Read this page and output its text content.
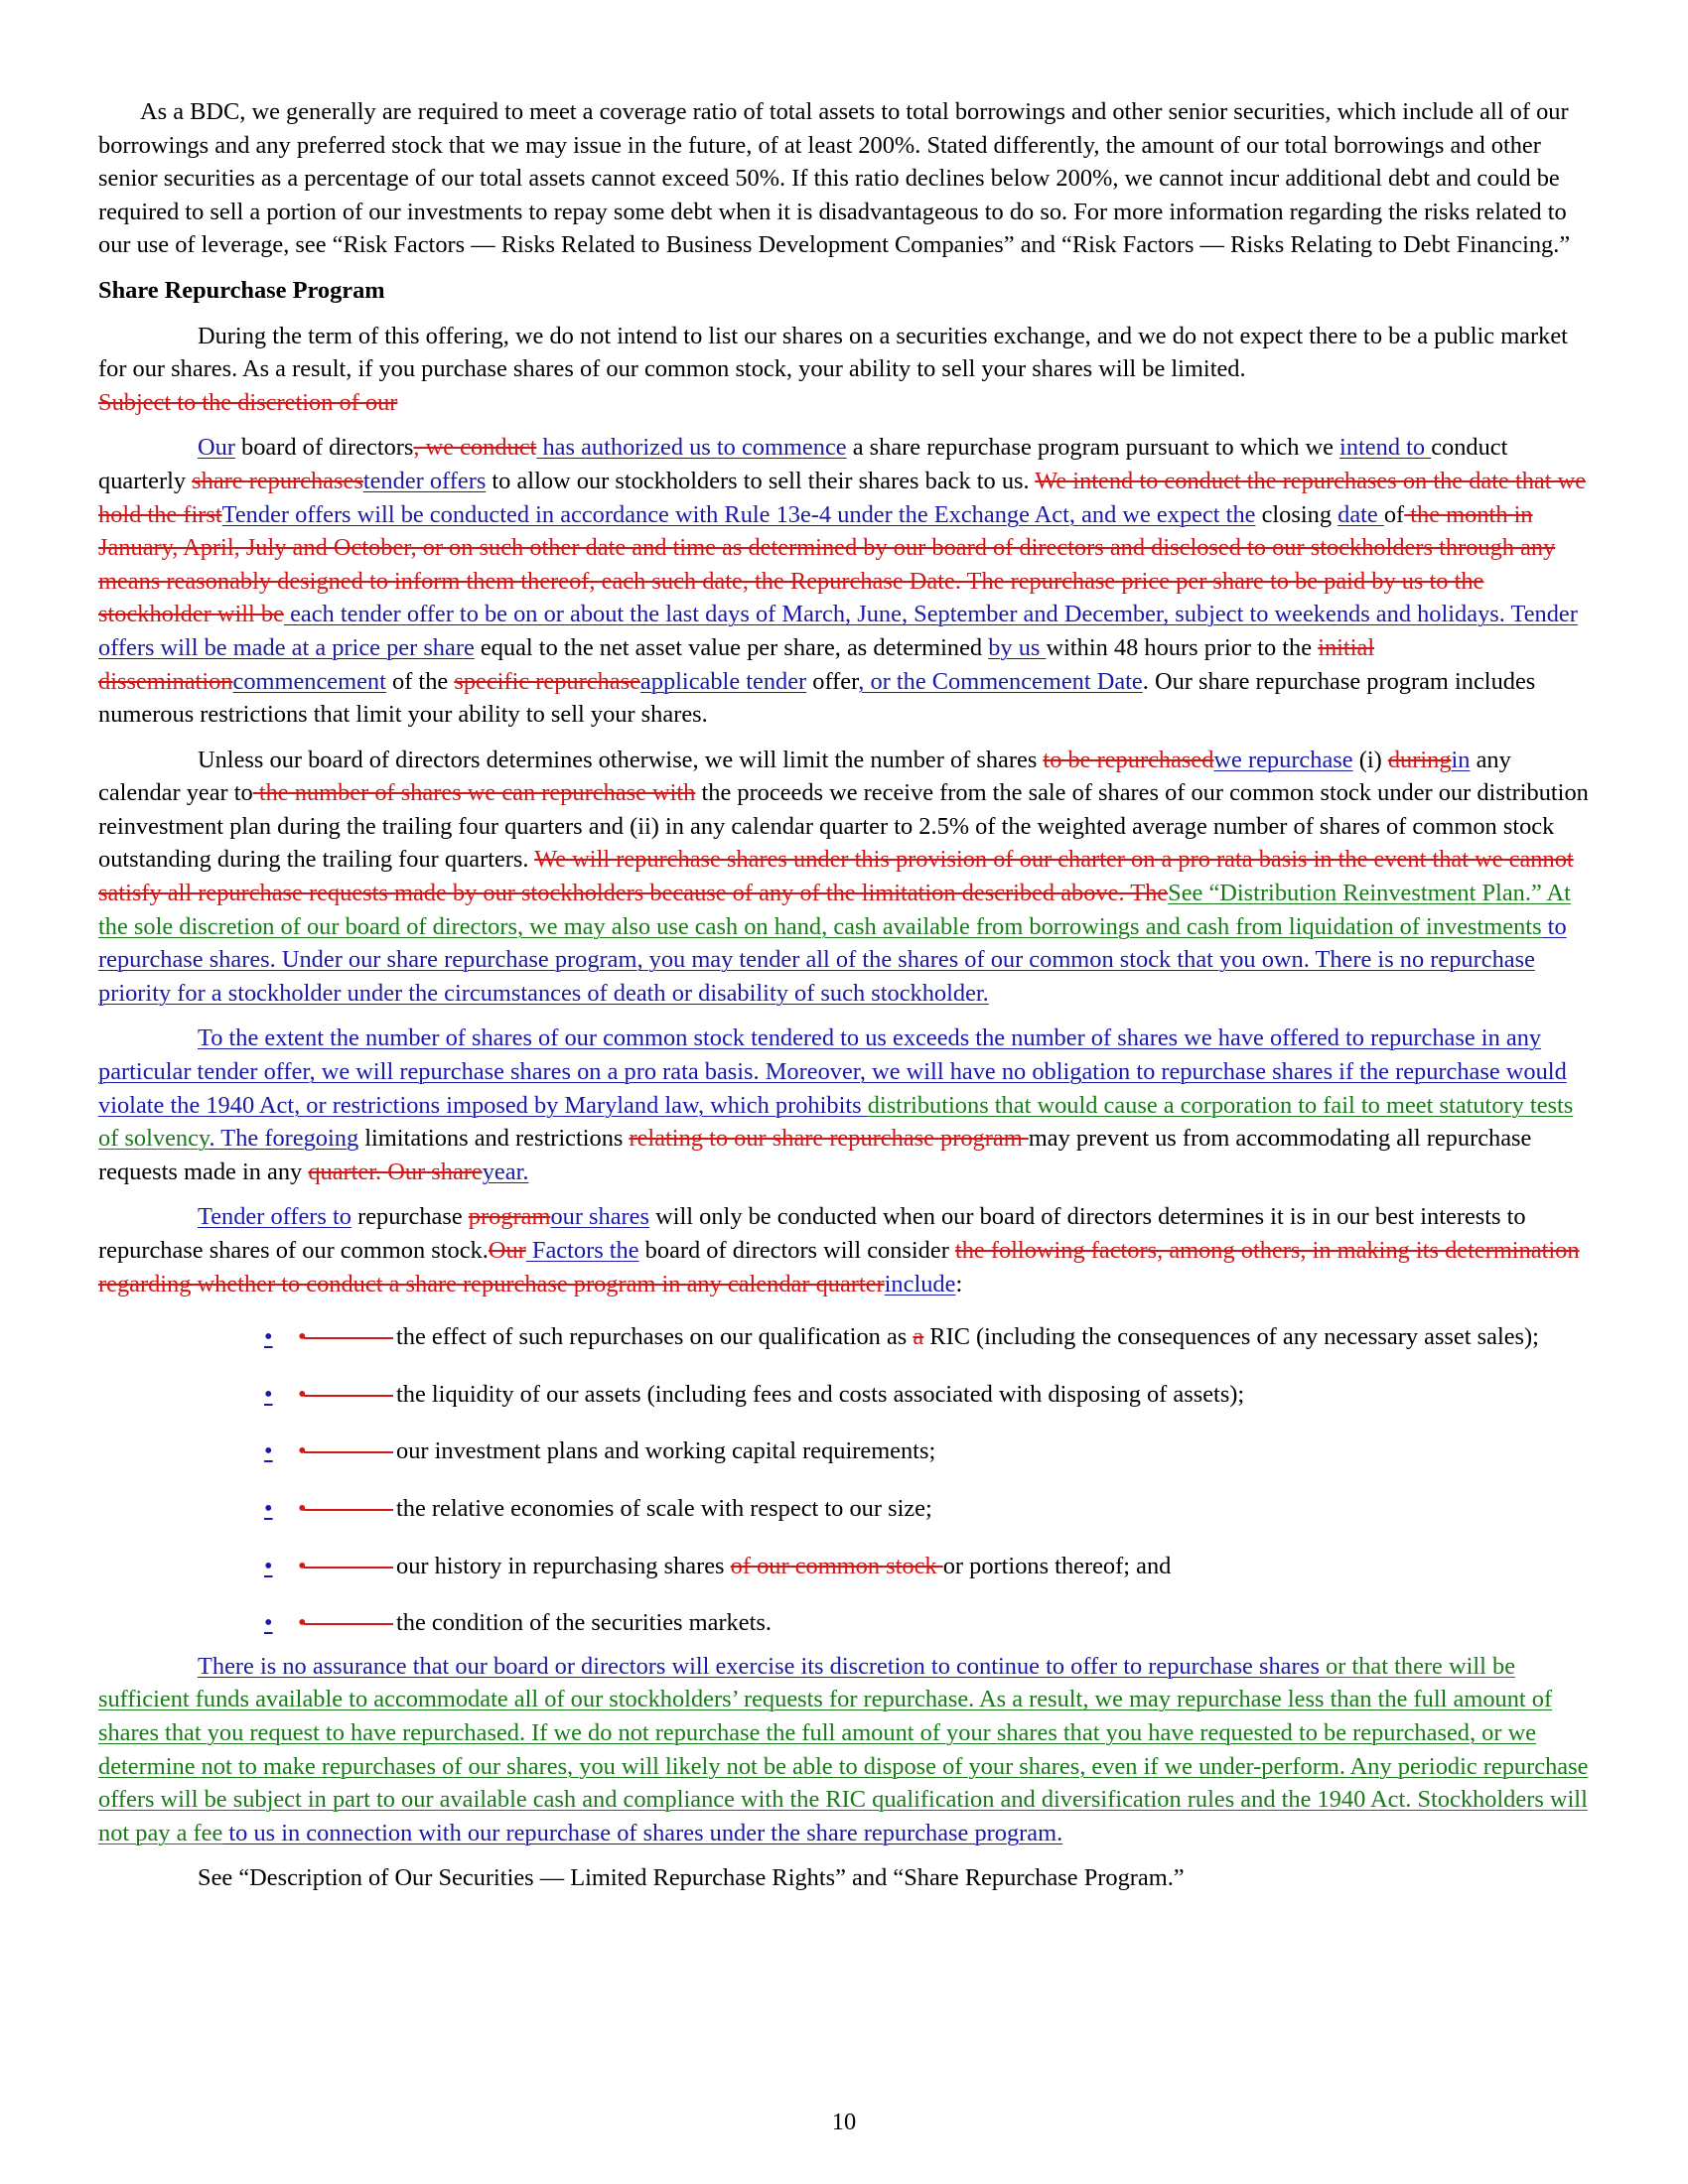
As a BDC, we generally are required to meet a coverage ratio of total assets to total borrowings and other senior securities, which include all of our borrowings and any preferred stock that we may issue in the future, of at least 200%. Stated differently, the amount of our total borrowings and other senior securities as a percentage of our total assets cannot exceed 50%. If this ratio declines below 200%, we cannot incur additional debt and could be required to sell a portion of our investments to repay some debt when it is disadvantageous to do so. For more information regarding the risks related to our use of leverage, see “Risk Factors — Risks Related to Business Development Companies” and “Risk Factors — Risks Relating to Debt Financing.”

Share Repurchase Program

During the term of this offering, we do not intend to list our shares on a securities exchange, and we do not expect there to be a public market for our shares. As a result, if you purchase shares of our common stock, your ability to sell your shares will be limited.
Subject to the discretion of our

Our board of directors, we conduct has authorized us to commence a share repurchase program pursuant to which we intend to conduct quarterly share repurchasestender offers to allow our stockholders to sell their shares back to us. We intend to conduct the repurchases on the date that we hold the firstTender offers will be conducted in accordance with Rule 13e-4 under the Exchange Act, and we expect the closing date of the month in January, April, July and October, or on such other date and time as determined by our board of directors and disclosed to our stockholders through any means reasonably designed to inform them thereof, each such date, the Repurchase Date. The repurchase price per share to be paid by us to the stockholder will be each tender offer to be on or about the last days of March, June, September and December, subject to weekends and holidays. Tender offers will be made at a price per share equal to the net asset value per share, as determined by us within 48 hours prior to the initial disseminationcommencement of the specific repurchaseapplicable tender offer, or the Commencement Date. Our share repurchase program includes numerous restrictions that limit your ability to sell your shares.

Unless our board of directors determines otherwise, we will limit the number of shares to be repurchasedwe repurchase (i) duringin any calendar year to the number of shares we can repurchase with the proceeds we receive from the sale of shares of our common stock under our distribution reinvestment plan during the trailing four quarters and (ii) in any calendar quarter to 2.5% of the weighted average number of shares of common stock outstanding during the trailing four quarters. We will repurchase shares under this provision of our charter on a pro rata basis in the event that we cannot satisfy all repurchase requests made by our stockholders because of any of the limitation described above. TheSee “Distribution Reinvestment Plan.” At the sole discretion of our board of directors, we may also use cash on hand, cash available from borrowings and cash from liquidation of investments to repurchase shares. Under our share repurchase program, you may tender all of the shares of our common stock that you own. There is no repurchase priority for a stockholder under the circumstances of death or disability of such stockholder.

To the extent the number of shares of our common stock tendered to us exceeds the number of shares we have offered to repurchase in any particular tender offer, we will repurchase shares on a pro rata basis. Moreover, we will have no obligation to repurchase shares if the repurchase would violate the 1940 Act, or restrictions imposed by Maryland law, which prohibits distributions that would cause a corporation to fail to meet statutory tests of solvency. The foregoing limitations and restrictions relating to our share repurchase program may prevent us from accommodating all repurchase requests made in any quarter. Our shareyear.

Tender offers to repurchase programour shares will only be conducted when our board of directors determines it is in our best interests to repurchase shares of our common stock.Our Factors the board of directors will consider the following factors, among others, in making its determination regarding whether to conduct a share repurchase program in any calendar quarterinclude:

• •	the effect of such repurchases on our qualification as a RIC (including the consequences of any necessary asset sales);
• •	the liquidity of our assets (including fees and costs associated with disposing of assets);
• •	our investment plans and working capital requirements;
• •	the relative economies of scale with respect to our size;
• •	our history in repurchasing shares of our common stock or portions thereof; and
• •	the condition of the securities markets.

There is no assurance that our board or directors will exercise its discretion to continue to offer to repurchase shares or that there will be sufficient funds available to accommodate all of our stockholders’ requests for repurchase. As a result, we may repurchase less than the full amount of shares that you request to have repurchased. If we do not repurchase the full amount of your shares that you have requested to be repurchased, or we determine not to make repurchases of our shares, you will likely not be able to dispose of your shares, even if we under-perform. Any periodic repurchase offers will be subject in part to our available cash and compliance with the RIC qualification and diversification rules and the 1940 Act. Stockholders will not pay a fee to us in connection with our repurchase of shares under the share repurchase program.

See “Description of Our Securities — Limited Repurchase Rights” and “Share Repurchase Program.”

10
